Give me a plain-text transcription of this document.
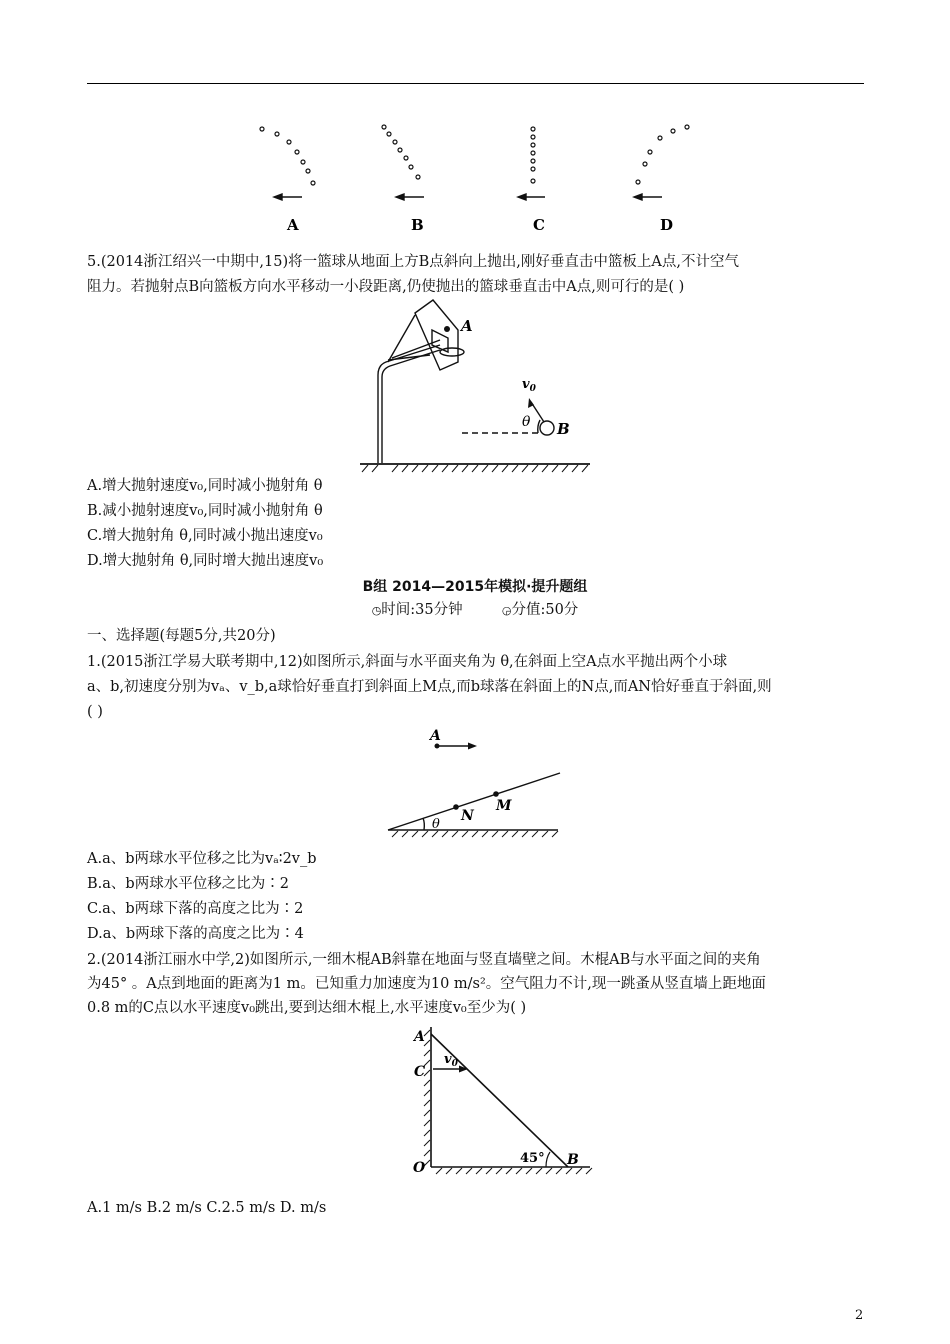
A	B	C	D
5.(2014浙江绍兴一中期中,15)将一篮球从地面上方B点斜向上抛出,刚好垂直击中篮板上A点,不计空气
阻力。若抛射点B向篮板方向水平移动一小段距离,仍使抛出的篮球垂直击中A点,则可行的是( )
A
B
$v_0$
θ
A.增大抛射速度v₀,同时减小抛射角 θ
B.减小抛射速度v₀,同时减小抛射角 θ
C.增大抛射角 θ,同时减小抛出速度v₀
D.增大抛射角 θ,同时增大抛出速度v₀
B组 2014—2015年模拟·提升题组
◷时间:35分钟	◶分值:50分
一、选择题(每题5分,共20分)
1.(2015浙江学易大联考期中,12)如图所示,斜面与水平面夹角为 θ,在斜面上空A点水平抛出两个小球
a、b,初速度分别为vₐ、v_b,a球恰好垂直打到斜面上M点,而b球落在斜面上的N点,而AN恰好垂直于斜面,则
( )
A
N
M
θ
A.a、b两球水平位移之比为vₐ∶2v_b
B.a、b两球水平位移之比为∶2
C.a、b两球下落的高度之比为∶2
D.a、b两球下落的高度之比为∶4
2.(2014浙江丽水中学,2)如图所示,一细木棍AB斜靠在地面与竖直墙壁之间。木棍AB与水平面之间的夹角
为45° 。A点到地面的距离为1 m。已知重力加速度为10 m/s²。空气阻力不计,现一跳蚤从竖直墙上距地面
0.8 m的C点以水平速度v₀跳出,要到达细木棍上,水平速度v₀至少为( )
A
C
O	B
$v_0$
45°
A.1 m/s B.2 m/s C.2.5 m/s D. m/s
2
